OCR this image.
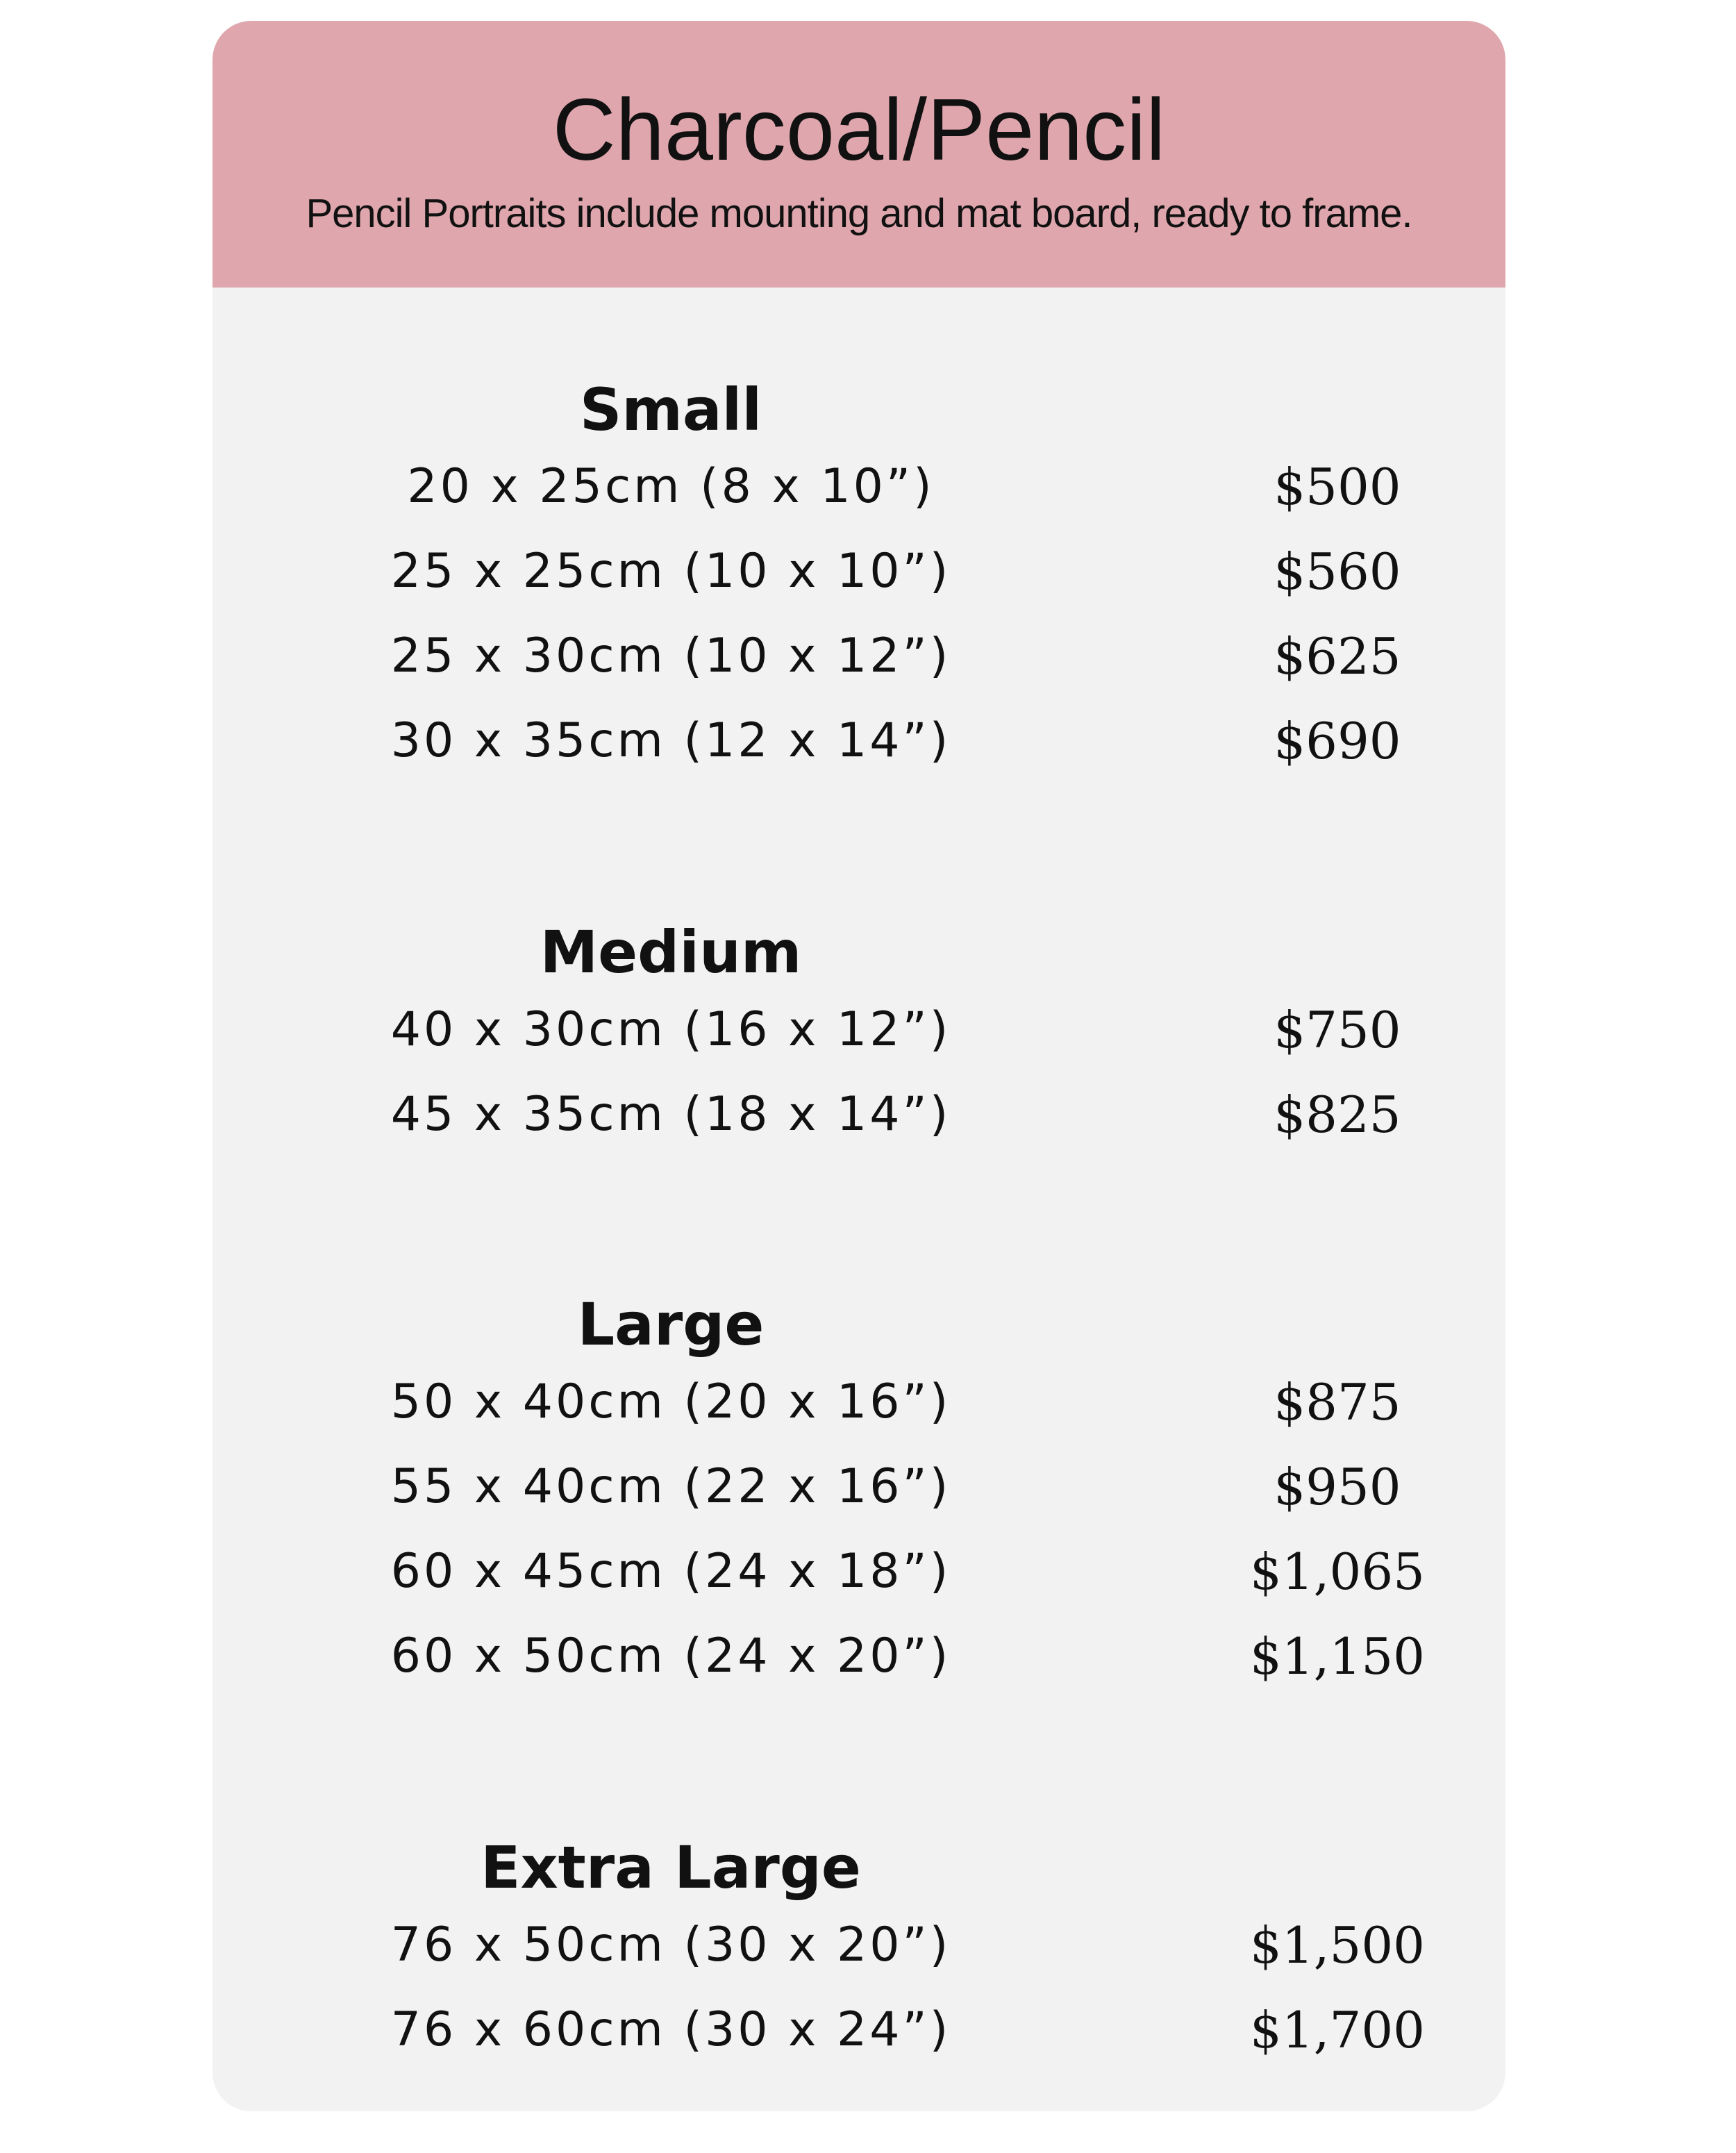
Charcoal/Pencil
Pencil Portraits include mounting and mat board, ready to frame.
Small
20 x 25cm (8 x 10”)	$500
25 x 25cm (10 x 10”)	$560
25 x 30cm (10 x 12”)	$625
30 x 35cm (12 x 14”)	$690
Medium
40 x 30cm (16 x 12”)	$750
45 x 35cm (18 x 14”)	$825
Large
50 x 40cm (20 x 16”)	$875
55 x 40cm (22 x 16”)	$950
60 x 45cm (24 x 18”)	$1,065
60 x 50cm (24 x 20”)	$1,150
Extra Large
76 x 50cm (30 x 20”)	$1,500
76 x 60cm (30 x 24”)	$1,700
